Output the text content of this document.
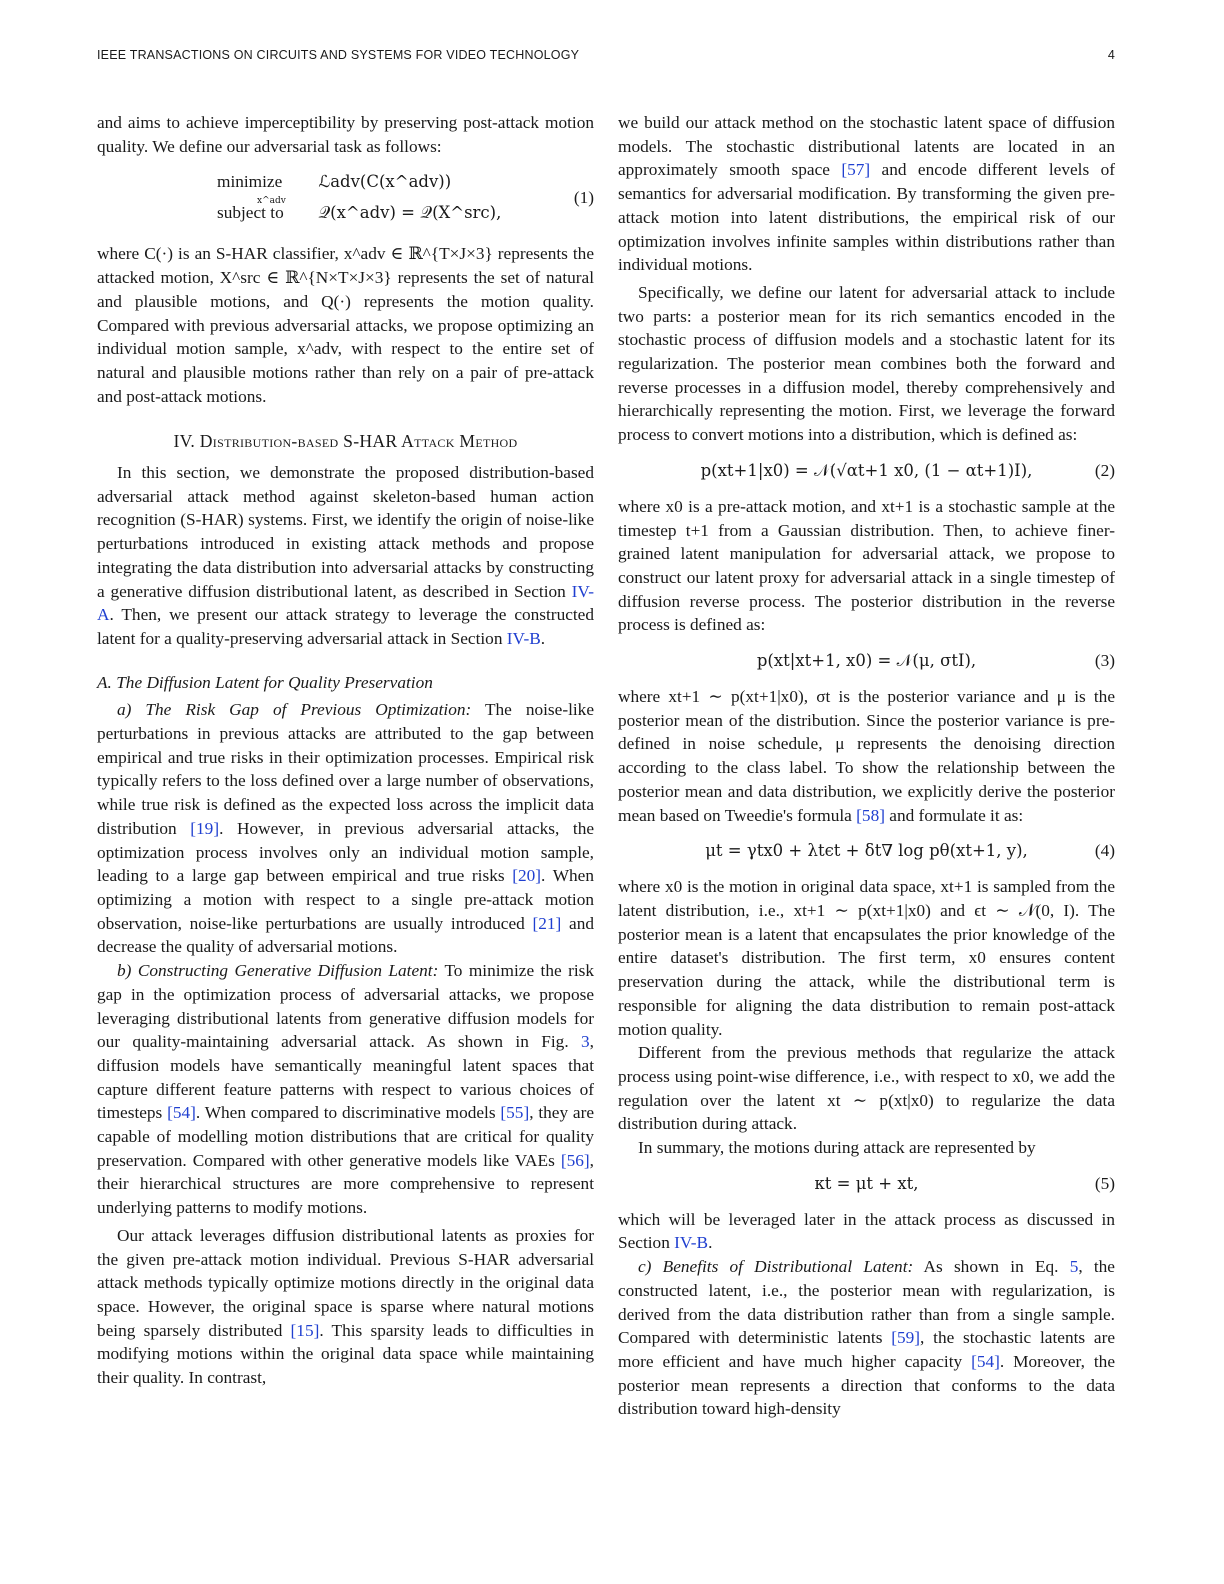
IEEE TRANSACTIONS ON CIRCUITS AND SYSTEMS FOR VIDEO TECHNOLOGY	4

and aims to achieve imperceptibility by preserving post-attack motion quality. We define our adversarial task as follows:

minimize ℒadv(C(x^adv))
x^adv
subject to 𝒬(x^adv) = 𝒬(X^src),
(1)

where C(·) is an S-HAR classifier, x^adv ∈ ℝ^{T×J×3} represents the attacked motion, X^src ∈ ℝ^{N×T×J×3} represents the set of natural and plausible motions, and Q(·) represents the motion quality. Compared with previous adversarial attacks, we propose optimizing an individual motion sample, x^adv, with respect to the entire set of natural and plausible motions rather than rely on a pair of pre-attack and post-attack motions.

IV. Distribution-based S-HAR Attack Method

In this section, we demonstrate the proposed distribution-based adversarial attack method against skeleton-based human action recognition (S-HAR) systems. First, we identify the origin of noise-like perturbations introduced in existing attack methods and propose integrating the data distribution into adversarial attacks by constructing a generative diffusion distributional latent, as described in Section IV-A. Then, we present our attack strategy to leverage the constructed latent for a quality-preserving adversarial attack in Section IV-B.

A. The Diffusion Latent for Quality Preservation

a) The Risk Gap of Previous Optimization: The noise-like perturbations in previous attacks are attributed to the gap between empirical and true risks in their optimization processes. Empirical risk typically refers to the loss defined over a large number of observations, while true risk is defined as the expected loss across the implicit data distribution [19]. However, in previous adversarial attacks, the optimization process involves only an individual motion sample, leading to a large gap between empirical and true risks [20]. When optimizing a motion with respect to a single pre-attack motion observation, noise-like perturbations are usually introduced [21] and decrease the quality of adversarial motions.

b) Constructing Generative Diffusion Latent: To minimize the risk gap in the optimization process of adversarial attacks, we propose leveraging distributional latents from generative diffusion models for our quality-maintaining adversarial attack. As shown in Fig. 3, diffusion models have semantically meaningful latent spaces that capture different feature patterns with respect to various choices of timesteps [54]. When compared to discriminative models [55], they are capable of modelling motion distributions that are critical for quality preservation. Compared with other generative models like VAEs [56], their hierarchical structures are more comprehensive to represent underlying patterns to modify motions.

Our attack leverages diffusion distributional latents as proxies for the given pre-attack motion individual. Previous S-HAR adversarial attack methods typically optimize motions directly in the original data space. However, the original space is sparse where natural motions being sparsely distributed [15]. This sparsity leads to difficulties in modifying motions within the original data space while maintaining their quality. In contrast,

we build our attack method on the stochastic latent space of diffusion models. The stochastic distributional latents are located in an approximately smooth space [57] and encode different levels of semantics for adversarial modification. By transforming the given pre-attack motion into latent distributions, the empirical risk of our optimization involves infinite samples within distributions rather than individual motions.

Specifically, we define our latent for adversarial attack to include two parts: a posterior mean for its rich semantics encoded in the stochastic process of diffusion models and a stochastic latent for its regularization. The posterior mean combines both the forward and reverse processes in a diffusion model, thereby comprehensively and hierarchically representing the motion. First, we leverage the forward process to convert motions into a distribution, which is defined as:

p(xt+1|x0) = 𝒩(√αt+1 x0, (1 − αt+1)I),	(2)

where x0 is a pre-attack motion, and xt+1 is a stochastic sample at the timestep t+1 from a Gaussian distribution. Then, to achieve finer-grained latent manipulation for adversarial attack, we propose to construct our latent proxy for adversarial attack in a single timestep of diffusion reverse process. The posterior distribution in the reverse process is defined as:

p(xt|xt+1, x0) = 𝒩(μ, σtI),	(3)

where xt+1 ∼ p(xt+1|x0), σt is the posterior variance and μ is the posterior mean of the distribution. Since the posterior variance is pre-defined in noise schedule, μ represents the denoising direction according to the class label. To show the relationship between the posterior mean and data distribution, we explicitly derive the posterior mean based on Tweedie's formula [58] and formulate it as:

μt = γtx0 + λtϵt + δt∇ log pθ(xt+1, y),	(4)

where x0 is the motion in original data space, xt+1 is sampled from the latent distribution, i.e., xt+1 ∼ p(xt+1|x0) and ϵt ∼ 𝒩(0, I). The posterior mean is a latent that encapsulates the prior knowledge of the entire dataset's distribution. The first term, x0 ensures content preservation during the attack, while the distributional term is responsible for aligning the data distribution to remain post-attack motion quality.

Different from the previous methods that regularize the attack process using point-wise difference, i.e., with respect to x0, we add the regulation over the latent xt ∼ p(xt|x0) to regularize the data distribution during attack.

In summary, the motions during attack are represented by

κt = μt + xt,	(5)

which will be leveraged later in the attack process as discussed in Section IV-B.

c) Benefits of Distributional Latent: As shown in Eq. 5, the constructed latent, i.e., the posterior mean with regularization, is derived from the data distribution rather than from a single sample. Compared with deterministic latents [59], the stochastic latents are more efficient and have much higher capacity [54]. Moreover, the posterior mean represents a direction that conforms to the data distribution toward high-density
